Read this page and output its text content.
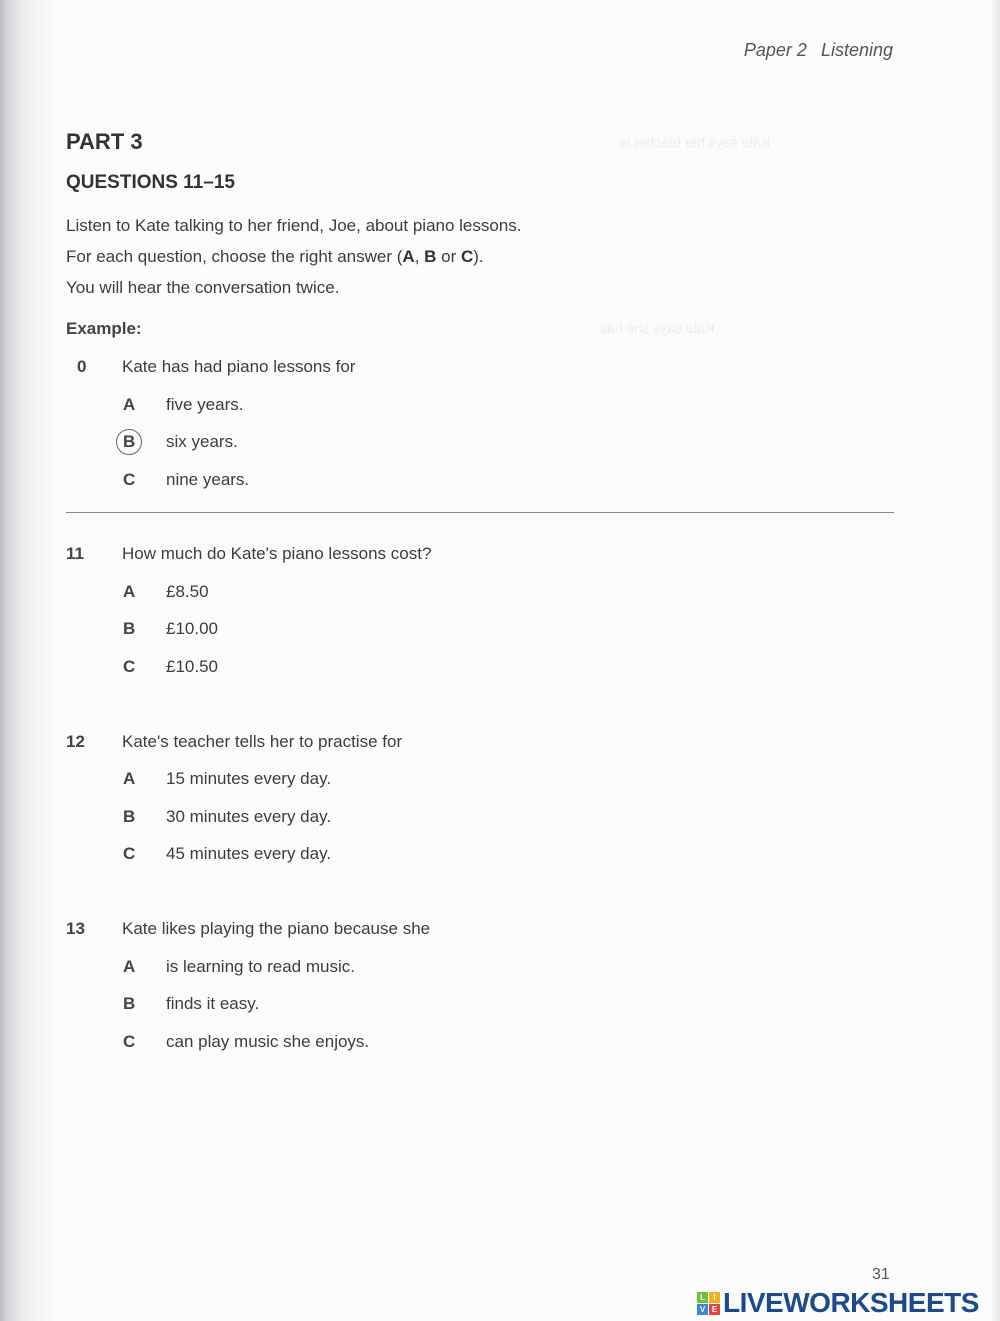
Kate says her teacher is
Kate says she has
Paper 2 Listening
PART 3
QUESTIONS 11–15
Listen to Kate talking to her friend, Joe, about piano lessons.
For each question, choose the right answer (A, B or C).
You will hear the conversation twice.
Example:
0	Kate has had piano lessons for
A five years.
B six years.
C nine years.
11	How much do Kate's piano lessons cost?
A £8.50
B £10.00
C £10.50
12	Kate's teacher tells her to practise for
A 15 minutes every day.
B 30 minutes every day.
C 45 minutes every day.
13	Kate likes playing the piano because she
A is learning to read music.
B finds it easy.
C can play music she enjoys.
31
L	I
V E LIVEWORKSHEETS
